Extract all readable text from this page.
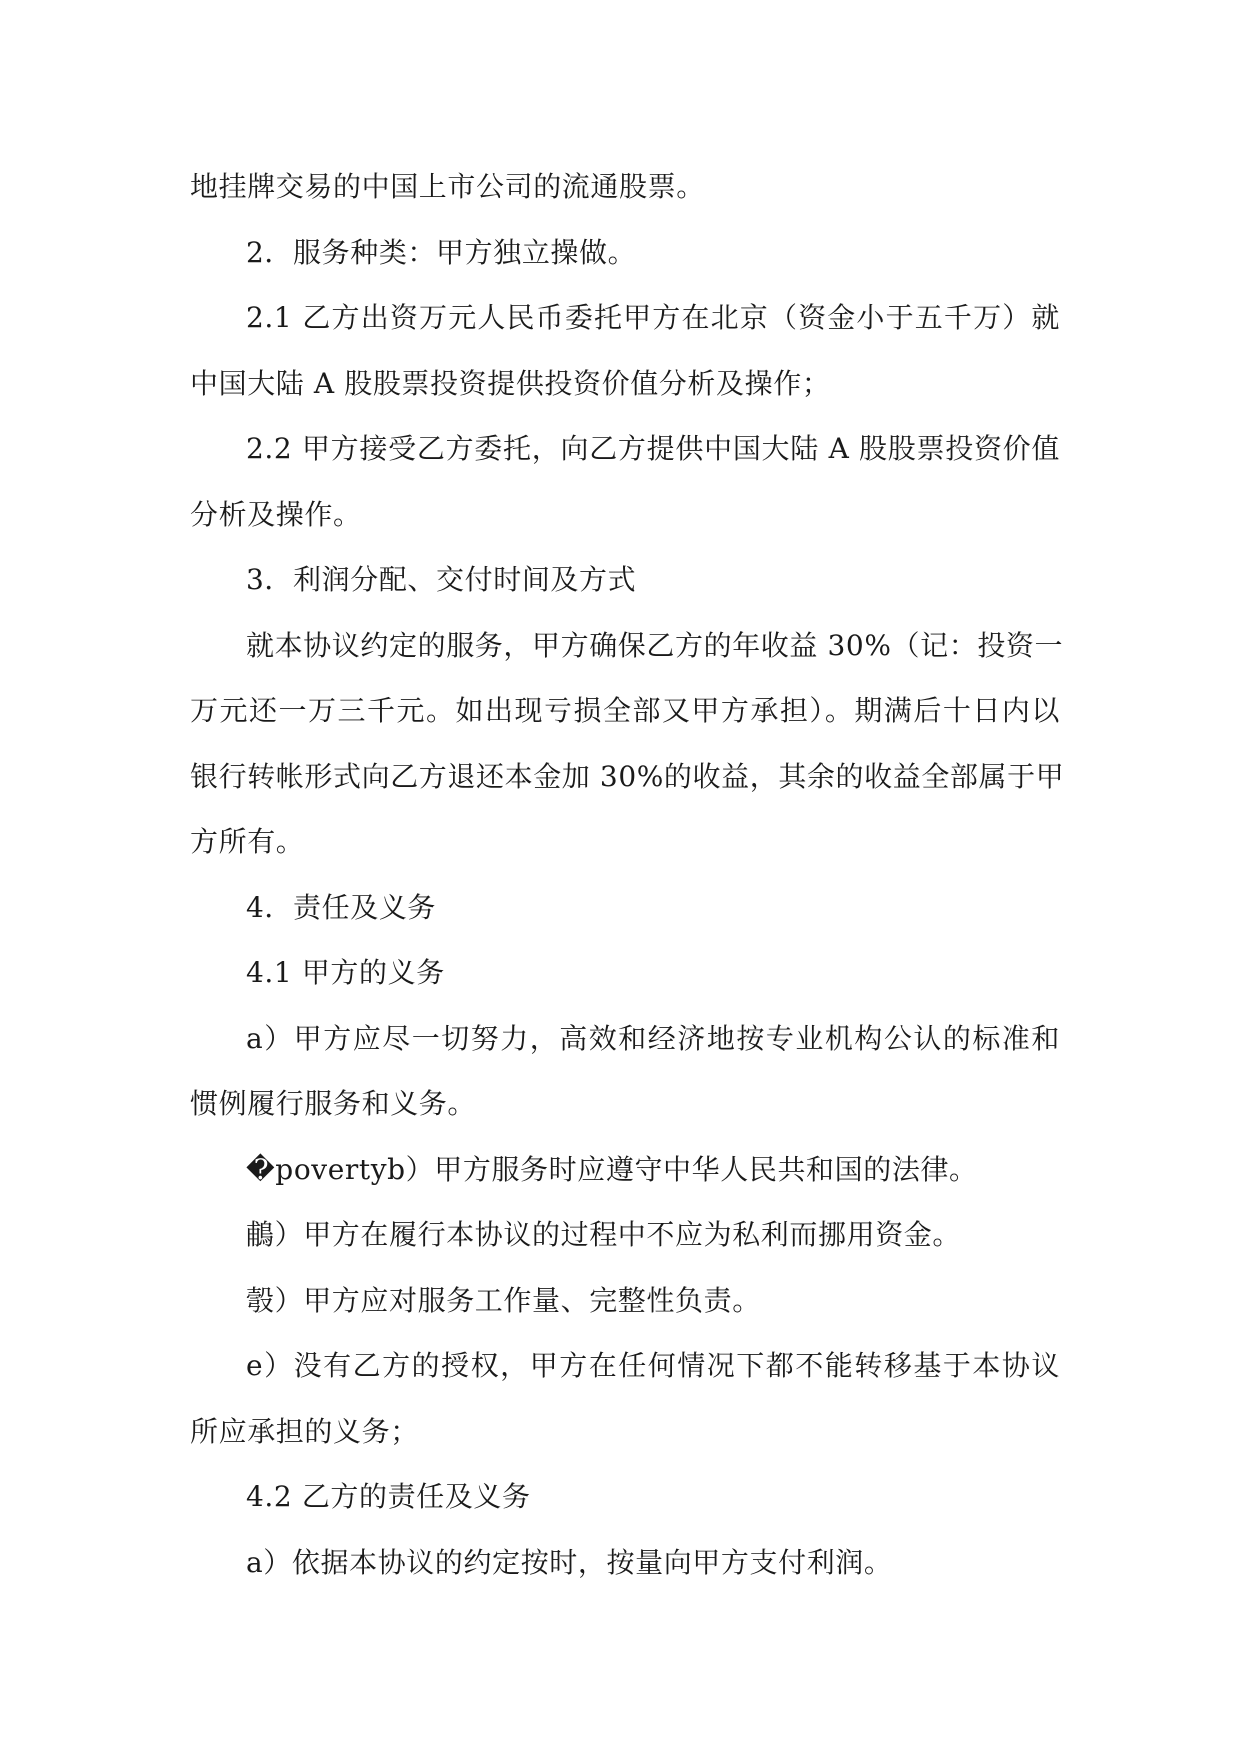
地挂牌交易的中国上市公司的流通股票。
2．服务种类：甲方独立操做。
2.1 乙方出资万元人民币委托甲方在北京（资金小于五千万）就
中国大陆 A 股股票投资提供投资价值分析及操作；
2.2 甲方接受乙方委托，向乙方提供中国大陆 A 股股票投资价值
分析及操作。
3．利润分配、交付时间及方式
就本协议约定的服务，甲方确保乙方的年收益 30%（记：投资一
万元还一万三千元。如出现亏损全部又甲方承担）。期满后十日内以
银行转帐形式向乙方退还本金加 30%的收益，其余的收益全部属于甲
方所有。
4．责任及义务
4.1 甲方的义务
a）甲方应尽一切努力，高效和经济地按专业机构公认的标准和
惯例履行服务和义务。
�povertyb）甲方服务时应遵守中华人民共和国的法律。
鵏）甲方在履行本协议的过程中不应为私利而挪用资金。
彀）甲方应对服务工作量、完整性负责。
e）没有乙方的授权，甲方在任何情况下都不能转移基于本协议
所应承担的义务；
4.2 乙方的责任及义务
a）依据本协议的约定按时，按量向甲方支付利润。
